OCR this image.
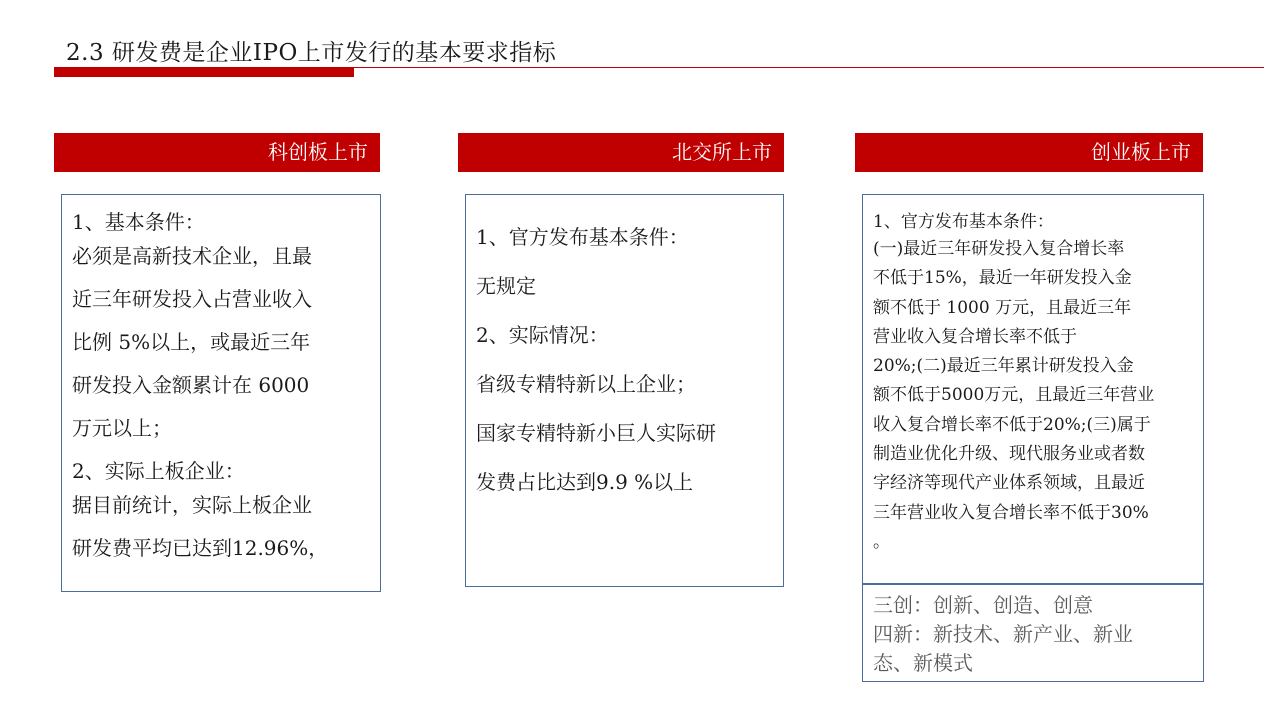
2.3 研发费是企业IPO上市发行的基本要求指标
科创板上市

1、基本条件：

必须是高新技术企业，且最

近三年研发投入占营业收入

比例 5%以上，或最近三年

研发投入金额累计在 6000

万元以上；

2、实际上板企业：

据目前统计，实际上板企业

研发费平均已达到12.96%，

北交所上市

1、官方发布基本条件：

无规定

2、实际情况：

省级专精特新以上企业；

国家专精特新小巨人实际研

发费占比达到9.9 %以上

创业板上市

1、官方发布基本条件：

(一)最近三年研发投入复合增长率

不低于15%，最近一年研发投入金

额不低于 1000 万元，且最近三年

营业收入复合增长率不低于

20%;(二)最近三年累计研发投入金

额不低于5000万元，且最近三年营业

收入复合增长率不低于20%;(三)属于

制造业优化升级、现代服务业或者数

字经济等现代产业体系领域，且最近

三年营业收入复合增长率不低于30%

。

三创：创新、创造、创意

四新：新技术、新产业、新业

态、新模式
